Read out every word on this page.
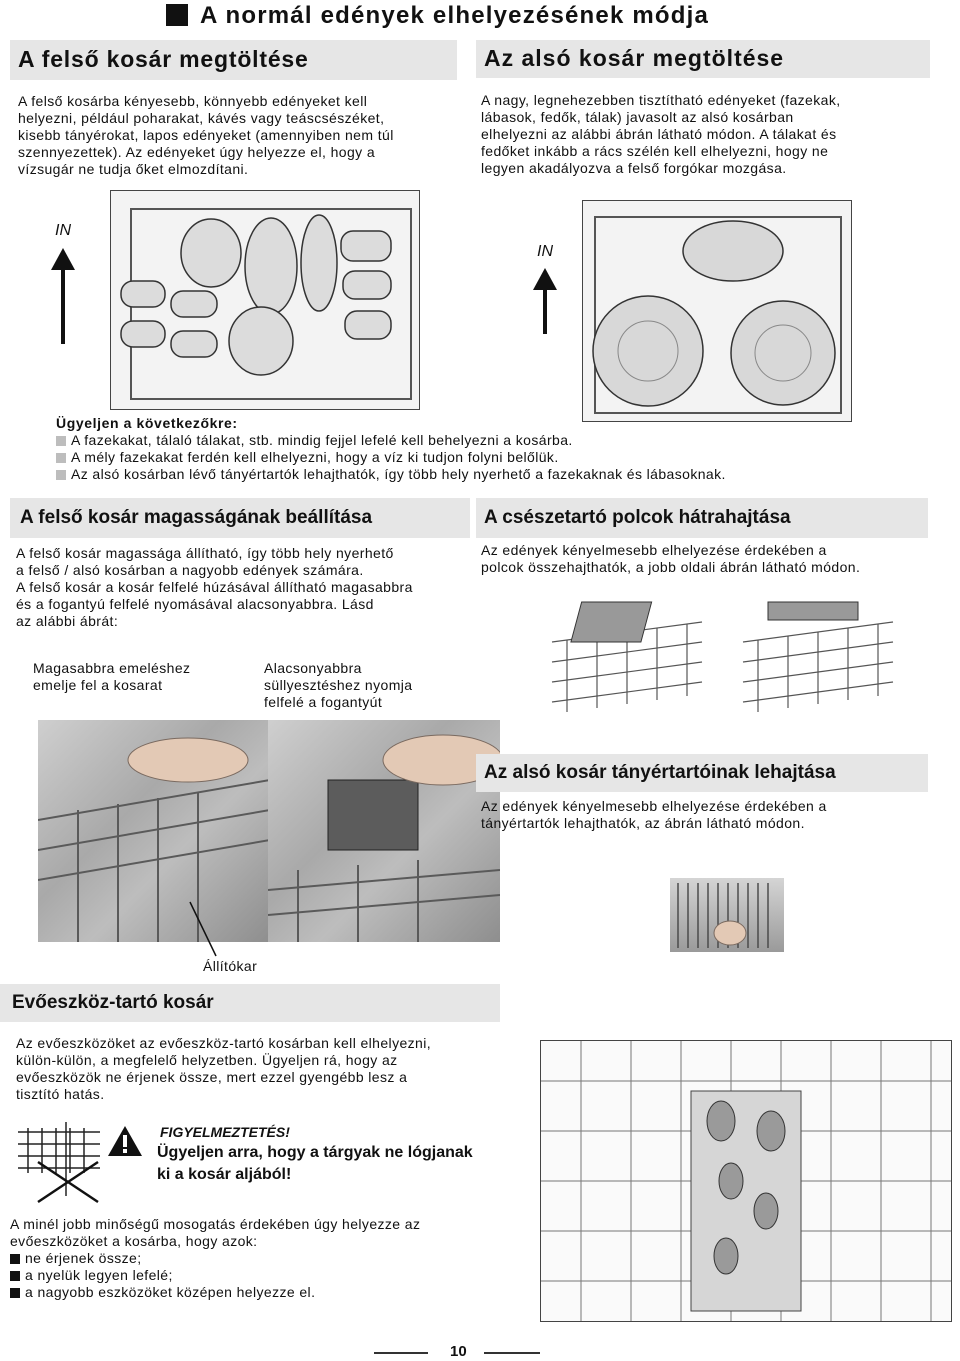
A normál edények elhelyezésének módja
A felső kosár megtöltése
A felső kosárba kényesebb, könnyebb edényeket kell
helyezni, például poharakat, kávés vagy teáscsészéket,
kisebb tányérokat, lapos edényeket (amennyiben nem túl
szennyezettek). Az edényeket úgy helyezze el, hogy a
vízsugár ne tudja őket elmozdítani.
IN
Az alsó kosár megtöltése
A nagy, legnehezebben tisztítható edényeket (fazekak,
lábasok, fedők, tálak) javasolt az alsó kosárban
elhelyezni az alábbi ábrán látható módon. A tálakat és
fedőket inkább a rács szélén kell elhelyezni, hogy ne
legyen akadályozva a felső forgókar mozgása.
IN
Ügyeljen a következőkre:
A fazekakat, tálaló tálakat, stb. mindig fejjel lefelé kell behelyezni a kosárba.
A mély fazekakat ferdén kell elhelyezni, hogy a víz ki tudjon folyni belőlük.
Az alsó kosárban lévő tányértartók lehajthatók, így több hely nyerhető a fazekaknak és lábasoknak.
A felső kosár magasságának beállítása
A felső kosár magassága állítható, így több hely nyerhető
a felső / alsó kosárban a nagyobb edények számára.
A felső kosár a kosár felfelé húzásával állítható magasabbra
és a fogantyú felfelé nyomásával alacsonyabbra. Lásd
az alábbi ábrát:
Magasabbra emeléshez
emelje fel a kosarat
Alacsonyabbra
süllyesztéshez nyomja
felfelé a fogantyút
Állítókar
A csészetartó polcok hátrahajtása
Az edények kényelmesebb elhelyezése érdekében a
polcok összehajthatók, a jobb oldali ábrán látható módon.
Az alsó kosár tányértartóinak lehajtása
Az edények kényelmesebb elhelyezése érdekében a
tányértartók lehajthatók, az ábrán látható módon.
Evőeszköz-tartó kosár
Az evőeszközöket az evőeszköz-tartó kosárban kell elhelyezni,
külön-külön, a megfelelő helyzetben. Ügyeljen rá, hogy az
evőeszközök ne érjenek össze, mert ezzel gyengébb lesz a
tisztító hatás.
FIGYELMEZTETÉS!
Ügyeljen arra, hogy a tárgyak ne lógjanak
ki a kosár aljából!
A minél jobb minőségű mosogatás érdekében úgy helyezze az
evőeszközöket a kosárba, hogy azok:
ne érjenek össze;
a nyelük legyen lefelé;
a nagyobb eszközöket középen helyezze el.
10
